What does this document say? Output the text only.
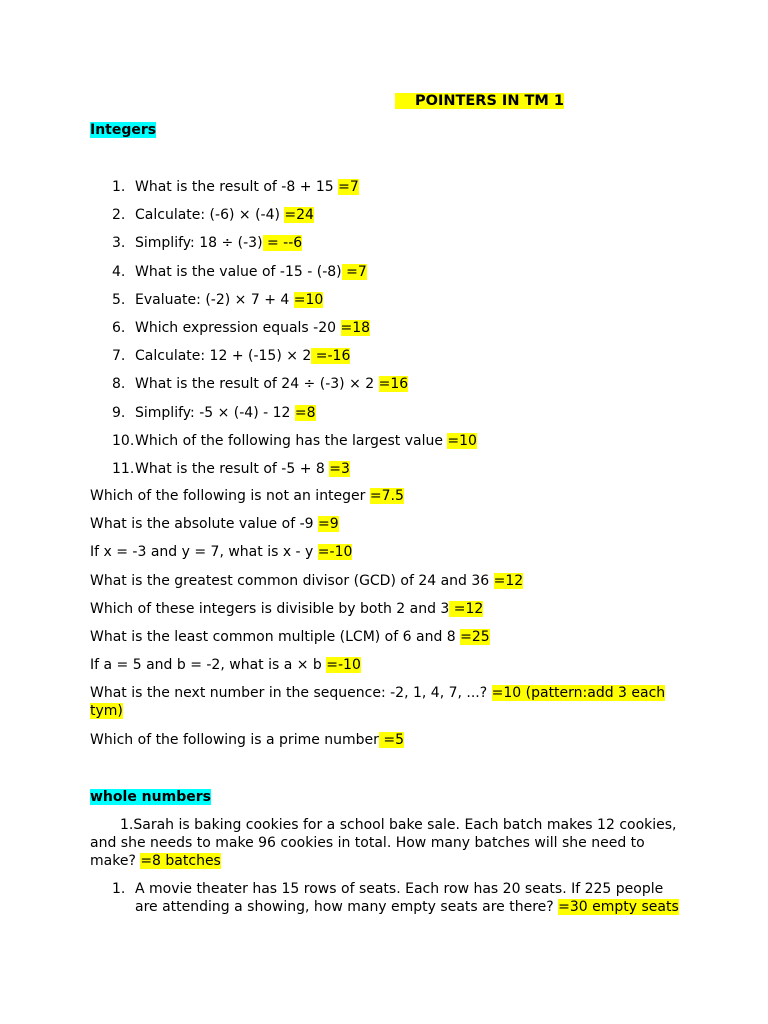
POINTERS IN TM 1
Integers
1. What is the result of -8 + 15 =7
2. Calculate: (-6) × (-4) =24
3. Simplify: 18 ÷ (-3) = --6
4. What is the value of -15 - (-8) =7
5. Evaluate: (-2) × 7 + 4 =10
6. Which expression equals -20 =18
7. Calculate: 12 + (-15) × 2 =-16
8. What is the result of 24 ÷ (-3) × 2 =16
9. Simplify: -5 × (-4) - 12 =8
10. Which of the following has the largest value =10
11. What is the result of -5 + 8 =3
Which of the following is not an integer =7.5
What is the absolute value of -9 =9
If x = -3 and y = 7, what is x - y =-10
What is the greatest common divisor (GCD) of 24 and 36 =12
Which of these integers is divisible by both 2 and 3 =12
What is the least common multiple (LCM) of 6 and 8 =25
If a = 5 and b = -2, what is a × b =-10
What is the next number in the sequence: -2, 1, 4, 7, ...? =10 (pattern:add 3 each tym)
Which of the following is a prime number =5
whole numbers
1.Sarah is baking cookies for a school bake sale. Each batch makes 12 cookies, and she needs to make 96 cookies in total. How many batches will she need to make? =8 batches
1. A movie theater has 15 rows of seats. Each row has 20 seats. If 225 people are attending a showing, how many empty seats are there? =30 empty seats
